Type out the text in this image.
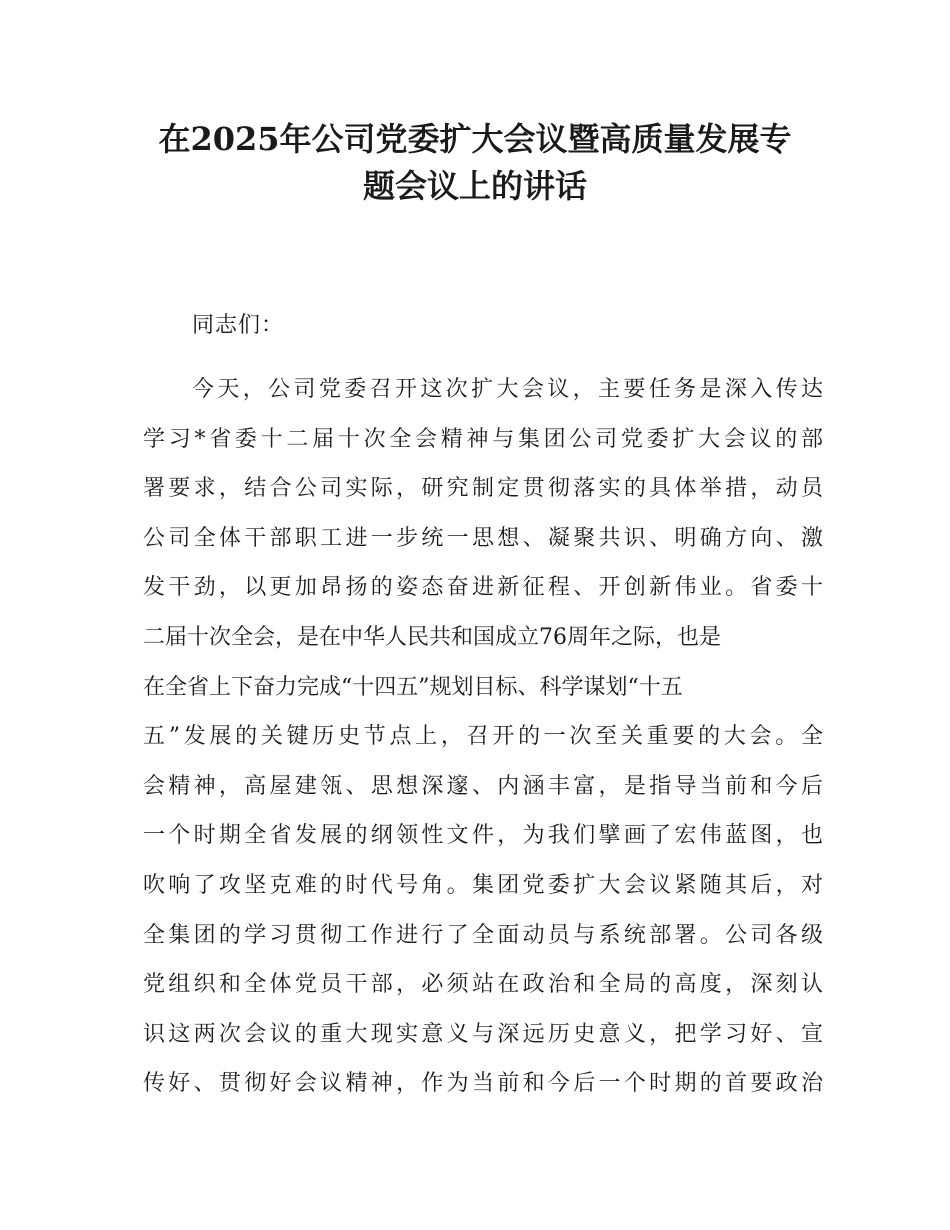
在2025年公司党委扩大会议暨高质量发展专
题会议上的讲话

同志们：

今天，公司党委召开这次扩大会议，主要任务是深入传达
学习*省委十二届十次全会精神与集团公司党委扩大会议的部
署要求，结合公司实际，研究制定贯彻落实的具体举措，动员
公司全体干部职工进一步统一思想、凝聚共识、明确方向、激
发干劲，以更加昂扬的姿态奋进新征程、开创新伟业。省委十
二届十次全会，是在中华人民共和国成立76周年之际，也是
在全省上下奋力完成“十四五”规划目标、科学谋划“十五
五”发展的关键历史节点上，召开的一次至关重要的大会。全
会精神，高屋建瓴、思想深邃、内涵丰富，是指导当前和今后
一个时期全省发展的纲领性文件，为我们擘画了宏伟蓝图，也
吹响了攻坚克难的时代号角。集团党委扩大会议紧随其后，对
全集团的学习贯彻工作进行了全面动员与系统部署。公司各级
党组织和全体党员干部，必须站在政治和全局的高度，深刻认
识这两次会议的重大现实意义与深远历史意义，把学习好、宣
传好、贯彻好会议精神，作为当前和今后一个时期的首要政治
